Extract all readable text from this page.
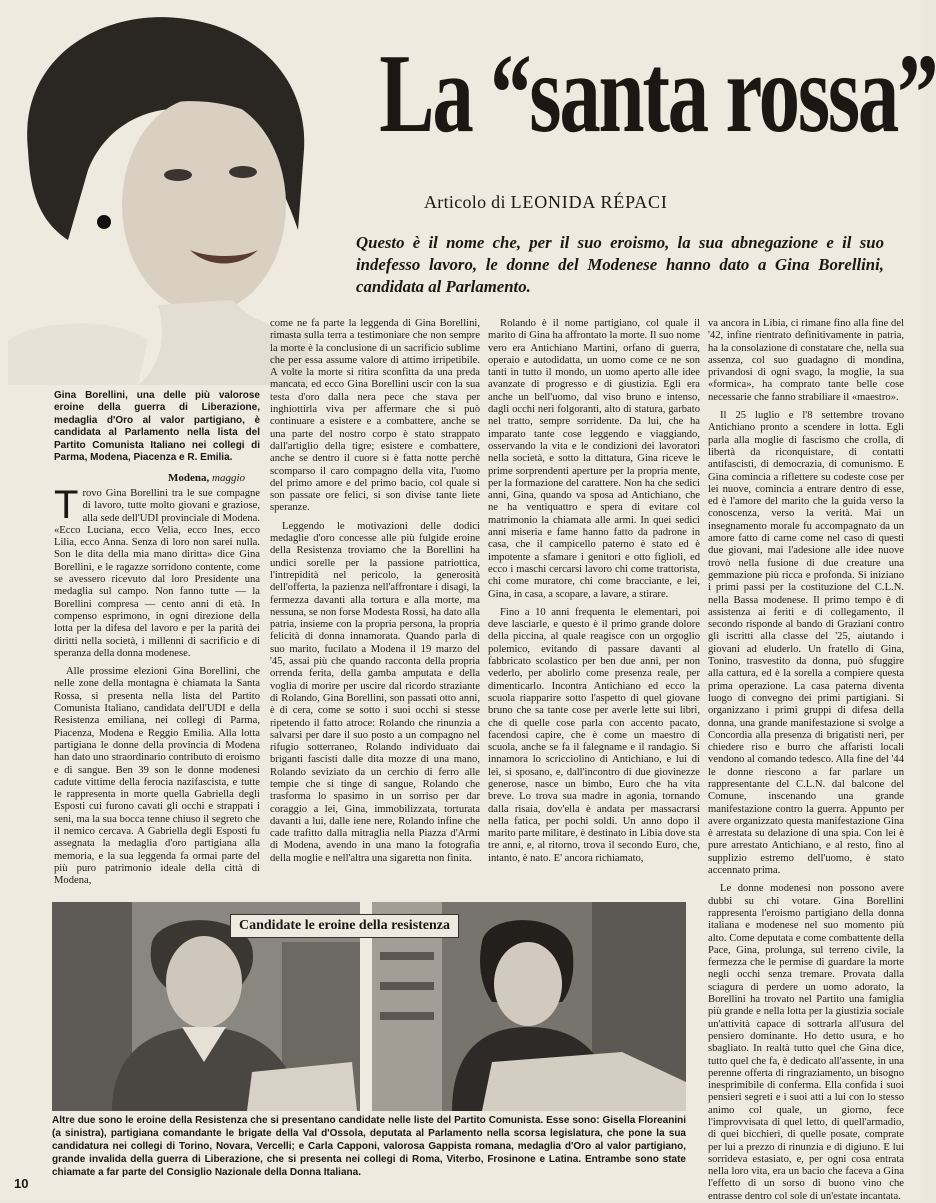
Gina Borellini, una delle più valorose eroine della guerra di Liberazione, medaglia d'Oro al valor partigiano, è candidata al Parlamento nella lista del Partito Comunista Italiano nei collegi di Parma, Modena, Piacenza e R. Emilia.
La “santa rossa”
Articolo di LEONIDA RÉPACI
Questo è il nome che, per il suo eroismo, la sua abnegazione e il suo indefesso lavoro, le donne del Modenese hanno dato a Gina Borellini, candidata al Parlamento.
Modena, maggio

Trovo Gina Borellini tra le sue compagne di lavoro, tutte molto giovani e graziose, alla sede dell'UDI provinciale di Modena. «Ecco Luciana, ecco Velia, ecco Ines, ecco Lilia, ecco Anna. Senza di loro non sarei nulla. Son le dita della mia mano diritta» dice Gina Borellini, e le ragazze sorridono contente, come se avessero ricevuto dal loro Presidente una medaglia sul campo. Non fanno tutte — la Borellini compresa — cento anni di età. In compenso esprimono, in ogni direzione della lotta per la difesa del lavoro e per la parità dei diritti nella società, i millenni di sacrificio e di speranza della donna modenese.

Alle prossime elezioni Gina Borellini, che nelle zone della montagna è chiamata la Santa Rossa, si presenta nella lista del Partito Comunista Italiano, candidata dell'UDI e della Resistenza emiliana, nei collegi di Parma, Piacenza, Modena e Reggio Emilia. Alla lotta partigiana le donne della provincia di Modena han dato uno straordinario contributo di eroismo e di sangue. Ben 39 son le donne modenesi cadute vittime della ferocia nazifascista, e tutte le rappresenta in morte quella Gabriella degli Esposti cui furono cavati gli occhi e strappati i seni, ma la sua bocca tenne chiuso il segreto che il nemico cercava. A Gabriella degli Esposti fu assegnata la medaglia d'oro partigiana alla memoria, e la sua leggenda fa ormai parte del più puro patrimonio ideale della città di Modena,

come ne fa parte la leggenda di Gina Borellini, rimasta sulla terra a testimoniare che non sempre la morte è la conclusione di un sacrificio sublime che per essa assume valore di attimo irripetibile. A volte la morte si ritira sconfitta da una preda mancata, ed ecco Gina Borellini uscir con la sua testa d'oro dalla nera pece che stava per inghiottirla viva per affermare che si può continuare a esistere e a combattere, anche se una parte del nostro corpo è stato strappato dall'artiglio della tigre; esistere e combattere, anche se dentro il cuore si è fatta notte perchè scomparso il caro compagno della vita, l'uomo del primo amore e del primo bacio, col quale si son passate ore felici, si son divise tante liete speranze.

Leggendo le motivazioni delle dodici medaglie d'oro concesse alle più fulgide eroine della Resistenza troviamo che la Borellini ha undici sorelle per la passione patriottica, l'intrepidità nel pericolo, la generosità dell'offerta, la pazienza nell'affrontare i disagi, la fermezza davanti alla tortura e alla morte, ma nessuna, se non forse Modesta Rossi, ha dato alla patria, insieme con la propria persona, la propria felicità di donna innamorata. Quando parla di suo marito, fucilato a Modena il 19 marzo del '45, assai più che quando racconta della propria orrenda ferita, della gamba amputata e della voglia di morire per uscire dal ricordo straziante di Rolando, Gina Borellini, son passati otto anni, è di cera, come se sotto i suoi occhi si stesse ripetendo il fatto atroce: Rolando che rinunzia a salvarsi per dare il suo posto a un compagno nel rifugio sotterraneo, Rolando individuato dai briganti fascisti dalle dita mozze di una mano, Rolando seviziato da un cerchio di ferro alle tempie che si tinge di sangue, Rolando che trasforma lo spasimo in un sorriso per dar coraggio a lei, Gina, immobilizzata, torturata davanti a lui, dalle iene nere, Rolando infine che cade trafitto dalla mitraglia nella Piazza d'Armi di Modena, avendo in una mano la fotografia della moglie e nell'altra una sigaretta non finita.

Rolando è il nome partigiano, col quale il marito di Gina ha affrontato la morte. Il suo nome vero era Antichiano Martini, orfano di guerra, operaio e autodidatta, un uomo come ce ne son tanti in tutto il mondo, un uomo aperto alle idee avanzate di progresso e di giustizia. Egli era anche un bell'uomo, dal viso bruno e intenso, dagli occhi neri folgoranti, alto di statura, garbato nel tratto, sempre sorridente. Da lui, che ha imparato tante cose leggendo e viaggiando, osservando la vita e le condizioni dei lavoratori nella società, e sotto la dittatura, Gina riceve le prime sorprendenti aperture per la propria mente, per la formazione del carattere. Non ha che sedici anni, Gina, quando va sposa ad Antichiano, che ne ha ventiquattro e spera di evitare col matrimonio la chiamata alle armi. In quei sedici anni miseria e fame hanno fatto da padrone in casa, che il campicello paterno è stato ed è impotente a sfamare i genitori e otto figlioli, ed ecco i maschi cercarsi lavoro chi come trattorista, chi come muratore, chi come bracciante, e lei, Gina, in casa, a scopare, a lavare, a stirare.

Fino a 10 anni frequenta le elementari, poi deve lasciarle, e questo è il primo grande dolore della piccina, al quale reagisce con un orgoglio polemico, evitando di passare davanti al fabbricato scolastico per ben due anni, per non vederlo, per abolirlo come presenza reale, per dimenticarlo. Incontra Antichiano ed ecco la scuola riapparire sotto l'aspetto di quel giovane bruno che sa tante cose per averle lette sui libri, che di quelle cose parla con accento pacato, facendosi capire, che è come un maestro di scuola, anche se fa il falegname e il randagio. Si innamora lo scricciolino di Antichiano, e lui di lei, si sposano, e, dall'incontro di due giovinezze generose, nasce un bimbo, Euro che ha vita breve. Lo trova sua madre in agonia, tornando dalla risaia, dov'ella è andata per massacrarsi nella fatica, per pochi soldi. Un anno dopo il marito parte militare, è destinato in Libia dove sta tre anni, e, al ritorno, trova il secondo Euro, che, intanto, è nato. E' ancora richiamato,

va ancora in Libia, ci rimane fino alla fine del '42, infine rientrato definitivamente in patria, ha la consolazione di constatare che, nella sua assenza, col suo guadagno di mondina, privandosi di ogni svago, la moglie, la sua «formica», ha comprato tante belle cose necessarie che fanno strabiliare il «maestro».

Il 25 luglio e l'8 settembre trovano Antichiano pronto a scendere in lotta. Egli parla alla moglie di fascismo che crolla, di libertà da riconquistare, di contatti antifascisti, di democrazia, di comunismo. E Gina comincia a riflettere su codeste cose per lei nuove, comincia a entrare dentro di esse, ed è l'amore del marito che la guida verso la conoscenza, verso la verità. Mai un insegnamento morale fu accompagnato da un amore fatto di carne come nel caso di questi due giovani, mai l'adesione alle idee nuove trovò nella fusione di due creature una gemmazione più ricca e profonda. Si iniziano i primi passi per la costituzione del C.L.N. nella Bassa modenese. Il primo tempo è di assistenza ai feriti e di collegamento, il secondo risponde al bando di Graziani contro gli iscritti alla classe del '25, aiutando i giovani ad eluderlo. Un fratello di Gina, Tonino, trasvestito da donna, può sfuggire alla cattura, ed è la sorella a compiere questa prima operazione. La casa paterna diventa luogo di convegno dei primi partigiani. Si organizzano i primi gruppi di difesa della donna, una grande manifestazione si svolge a Concordia alla presenza di brigatisti neri, per chiedere riso e burro che affaristi locali vendono al comando tedesco. Alla fine del '44 le donne riescono a far parlare un rappresentante del C.L.N. dal balcone del Comune, inscenando una grande manifestazione contro la guerra. Appunto per avere organizzato questa manifestazione Gina è arrestata su delazione di una spia. Con lei è pure arrestato Antichiano, e al resto, fino al supplizio estremo dell'uomo, è stato accennato prima.

Le donne modenesi non possono avere dubbi su chi votare. Gina Borellini rappresenta l'eroismo partigiano della donna italiana e modenese nel suo momento più alto. Come deputata e come combattente della Pace, Gina, prolunga, sul terreno civile, la fermezza che le permise di guardare la morte negli occhi senza tremare. Provata dalla sciagura di perdere un uomo adorato, la Borellini ha trovato nel Partito una famiglia più grande e nella lotta per la giustizia sociale un'attività capace di sottrarla all'usura del pensiero dominante. Ho detto usura, e ho sbagliato. In realtà tutto quel che Gina dice, tutto quel che fa, è dedicato all'assente, in una perenne offerta di ringraziamento, un bisogno inesprimibile di conferma. Ella confida i suoi pensieri segreti e i suoi atti a lui con lo stesso animo col quale, un giorno, fece l'improvvisata di quel letto, di quell'armadio, di quei bicchieri, di quelle posate, comprate per lui a prezzo di rinunzia e di digiuno. E lui sorrideva estasiato, e, per ogni cosa entrata nella loro vita, era un bacio che faceva a Gina l'effetto di un sorso di buono vino che entrasse dentro col sole di un'estate incantata.

Candidate le eroine della resistenza
Altre due sono le eroine della Resistenza che si presentano candidate nelle liste del Partito Comunista. Esse sono: Gisella Floreanini (a sinistra), partigiana comandante le brigate della Val d'Ossola, deputata al Parlamento nella scorsa legislatura, che pone la sua candidatura nei collegi di Torino, Novara, Vercelli; e Carla Capponi, valorosa Gappista romana, medaglia d'Oro al valor partigiano, grande invalida della guerra di Liberazione, che si presenta nei collegi di Roma, Viterbo, Frosinone e Latina. Entrambe sono state chiamate a far parte del Consiglio Nazionale della Donna Italiana.
10
